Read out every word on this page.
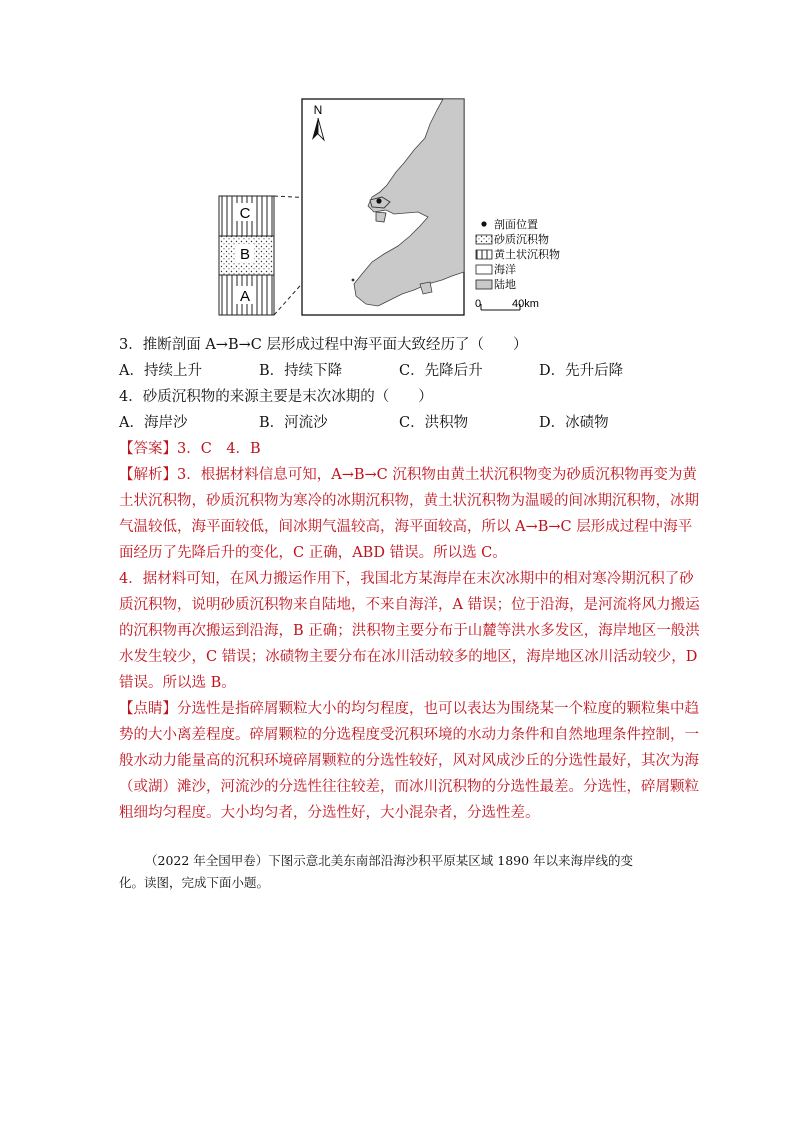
C
B
A
N
剖面位置
砂质沉积物
黄土状沉积物
海洋
陆地
0	40km
3．推断剖面 A→B→C 层形成过程中海平面大致经历了（　　）
A．持续上升	B．持续下降	C．先降后升	D．先升后降
4．砂质沉积物的来源主要是末次冰期的（　　）
A．海岸沙	B．河流沙	C．洪积物	D．冰碛物
【答案】3．C　4．B
【解析】3．根据材料信息可知，A→B→C 沉积物由黄土状沉积物变为砂质沉积物再变为黄
土状沉积物，砂质沉积物为寒冷的冰期沉积物，黄土状沉积物为温暖的间冰期沉积物，冰期
气温较低，海平面较低，间冰期气温较高，海平面较高，所以 A→B→C 层形成过程中海平
面经历了先降后升的变化，C 正确，ABD 错误。所以选 C。
4．据材料可知，在风力搬运作用下，我国北方某海岸在末次冰期中的相对寒冷期沉积了砂
质沉积物，说明砂质沉积物来自陆地，不来自海洋，A 错误；位于沿海，是河流将风力搬运
的沉积物再次搬运到沿海，B 正确；洪积物主要分布于山麓等洪水多发区，海岸地区一般洪
水发生较少，C 错误；冰碛物主要分布在冰川活动较多的地区，海岸地区冰川活动较少，D
错误。所以选 B。
【点睛】分选性是指碎屑颗粒大小的均匀程度，也可以表达为围绕某一个粒度的颗粒集中趋
势的大小离差程度。碎屑颗粒的分选程度受沉积环境的水动力条件和自然地理条件控制，一
般水动力能量高的沉积环境碎屑颗粒的分选性较好，风对风成沙丘的分选性最好，其次为海
（或湖）滩沙，河流沙的分选性往往较差，而冰川沉积物的分选性最差。分选性，碎屑颗粒
粗细均匀程度。大小均匀者，分选性好，大小混杂者，分选性差。
（2022 年全国甲卷）下图示意北美东南部沿海沙积平原某区域 1890 年以来海岸线的变
化。读图，完成下面小题。
